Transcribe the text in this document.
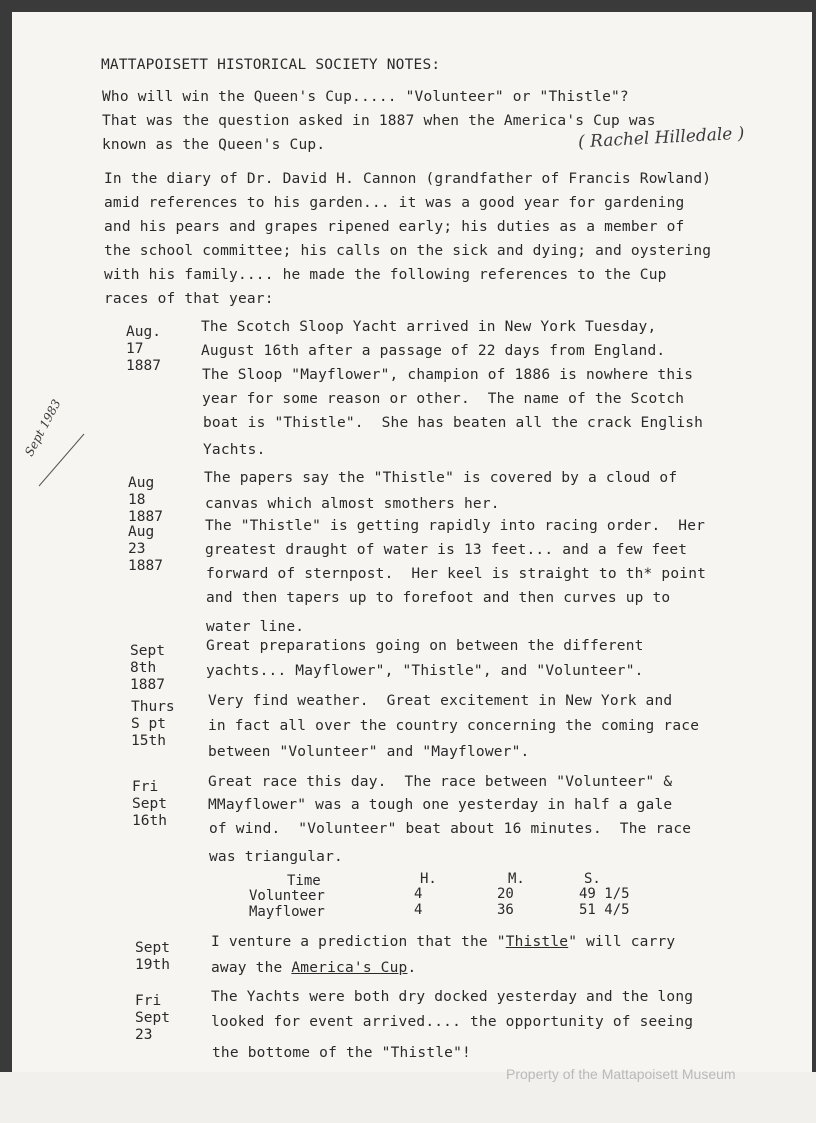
MATTAPOISETT HISTORICAL SOCIETY NOTES:
Who will win the Queen's Cup..... "Volunteer" or "Thistle"?
That was the question asked in 1887 when the America's Cup was
known as the Queen's Cup.	( Rachel Hilledale )
In the diary of Dr. David H. Cannon (grandfather of Francis Rowland)
amid references to his garden... it was a good year for gardening
and his pears and grapes ripened early; his duties as a member of
the school committee; his calls on the sick and dying; and oystering
with his family.... he made the following references to the Cup
races of that year:
Sept 1983
Aug.
17
1887
The Scotch Sloop Yacht arrived in New York Tuesday,
August 16th after a passage of 22 days from England.
The Sloop "Mayflower", champion of 1886 is nowhere this
year for some reason or other.  The name of the Scotch
boat is "Thistle".  She has beaten all the crack English
Yachts.
Aug
18
1887
The papers say the "Thistle" is covered by a cloud of
canvas which almost smothers her.
Aug
23
1887
The "Thistle" is getting rapidly into racing order.  Her
greatest draught of water is 13 feet... and a few feet
forward of sternpost.  Her keel is straight to th* point
and then tapers up to forefoot and then curves up to
water line.
Sept
8th
1887
Great preparations going on between the different
yachts... Mayflower", "Thistle", and "Volunteer".
Thurs
S pt
15th
Very find weather.  Great excitement in New York and
in fact all over the country concerning the coming race
between "Volunteer" and "Mayflower".
Fri
Sept
16th
Great race this day.  The race between "Volunteer" &
MMayflower" was a tough one yesterday in half a gale
of wind.  "Volunteer" beat about 16 minutes.  The race
was triangular.
Time	H.	M.	S.
Volunteer	4	20	49 1/5
Mayflower	4	36	51 4/5
Sept
19th
I venture a prediction that the "Thistle" will carry
away the America's Cup.
Fri
Sept
23
The Yachts were both dry docked yesterday and the long
looked for event arrived.... the opportunity of seeing
the bottome of the "Thistle"!
Property of the Mattapoisett Museum
